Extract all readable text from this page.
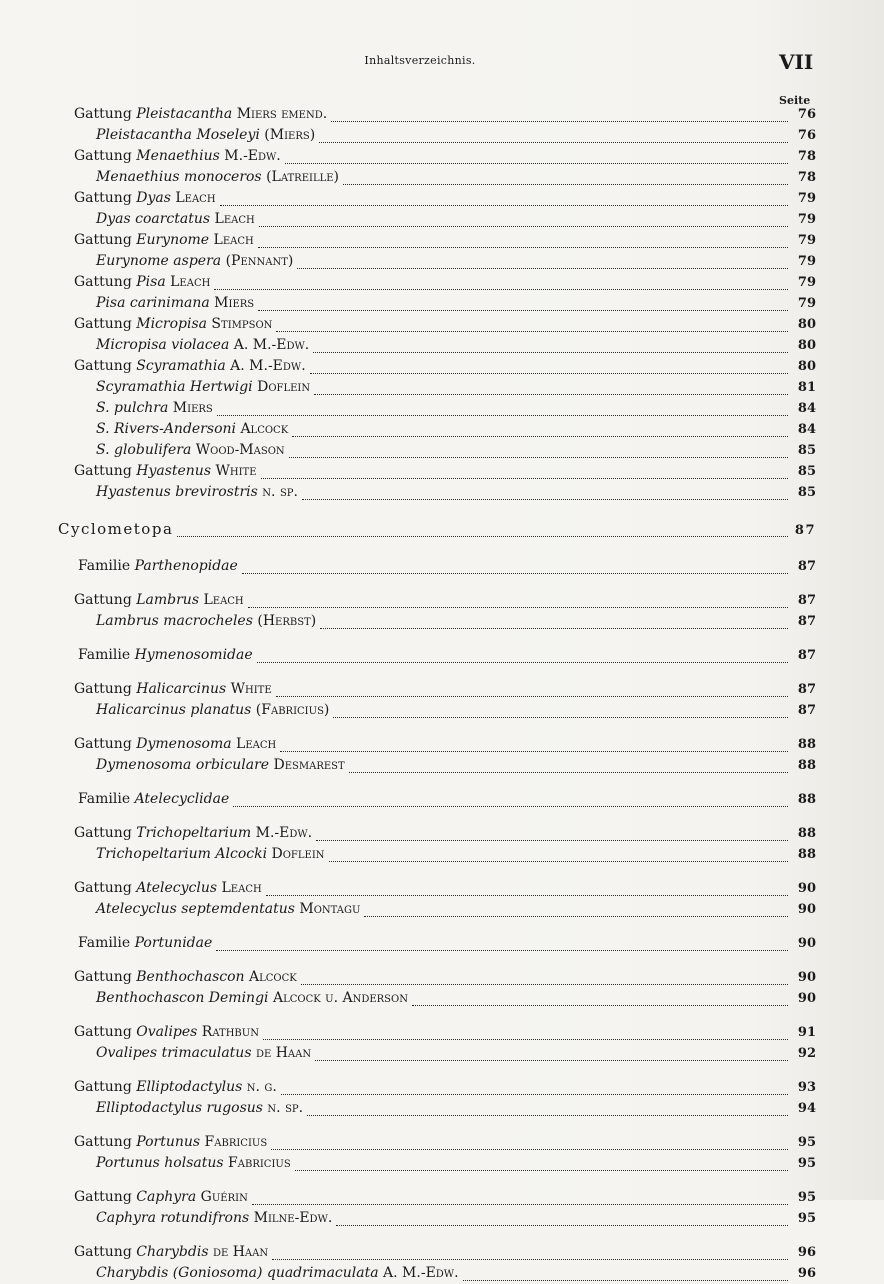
Inhaltsverzeichnis.	VII
Seite
Gattung Pleistacantha Miers emend.	76
Pleistacantha Moseleyi (Miers)	76
Gattung Menaethius M.-Edw.	78
Menaethius monoceros (Latreille)	78
Gattung Dyas Leach	79
Dyas coarctatus Leach	79
Gattung Eurynome Leach	79
Eurynome aspera (Pennant)	79
Gattung Pisa Leach	79
Pisa carinimana Miers	79
Gattung Micropisa Stimpson	80
Micropisa violacea A. M.-Edw.	80
Gattung Scyramathia A. M.-Edw.	80
Scyramathia Hertwigi Doflein	81
S. pulchra Miers	84
S. Rivers-Andersoni Alcock	84
S. globulifera Wood-Mason	85
Gattung Hyastenus White	85
Hyastenus brevirostris n. sp.	85
Cyclometopa	87
Familie Parthenopidae	87
Gattung Lambrus Leach	87
Lambrus macrocheles (Herbst)	87
Familie Hymenosomidae	87
Gattung Halicarcinus White	87
Halicarcinus planatus (Fabricius)	87
Gattung Dymenosoma Leach	88
Dymenosoma orbiculare Desmarest	88
Familie Atelecyclidae	88
Gattung Trichopeltarium M.-Edw.	88
Trichopeltarium Alcocki Doflein	88
Gattung Atelecyclus Leach	90
Atelecyclus septemdentatus Montagu	90
Familie Portunidae	90
Gattung Benthochascon Alcock	90
Benthochascon Demingi Alcock u. Anderson	90
Gattung Ovalipes Rathbun	91
Ovalipes trimaculatus de Haan	92
Gattung Elliptodactylus n. g.	93
Elliptodactylus rugosus n. sp.	94
Gattung Portunus Fabricius	95
Portunus holsatus Fabricius	95
Gattung Caphyra Guérin	95
Caphyra rotundifrons Milne-Edw.	95
Gattung Charybdis de Haan	96
Charybdis (Goniosoma) quadrimaculata A. M.-Edw.	96
